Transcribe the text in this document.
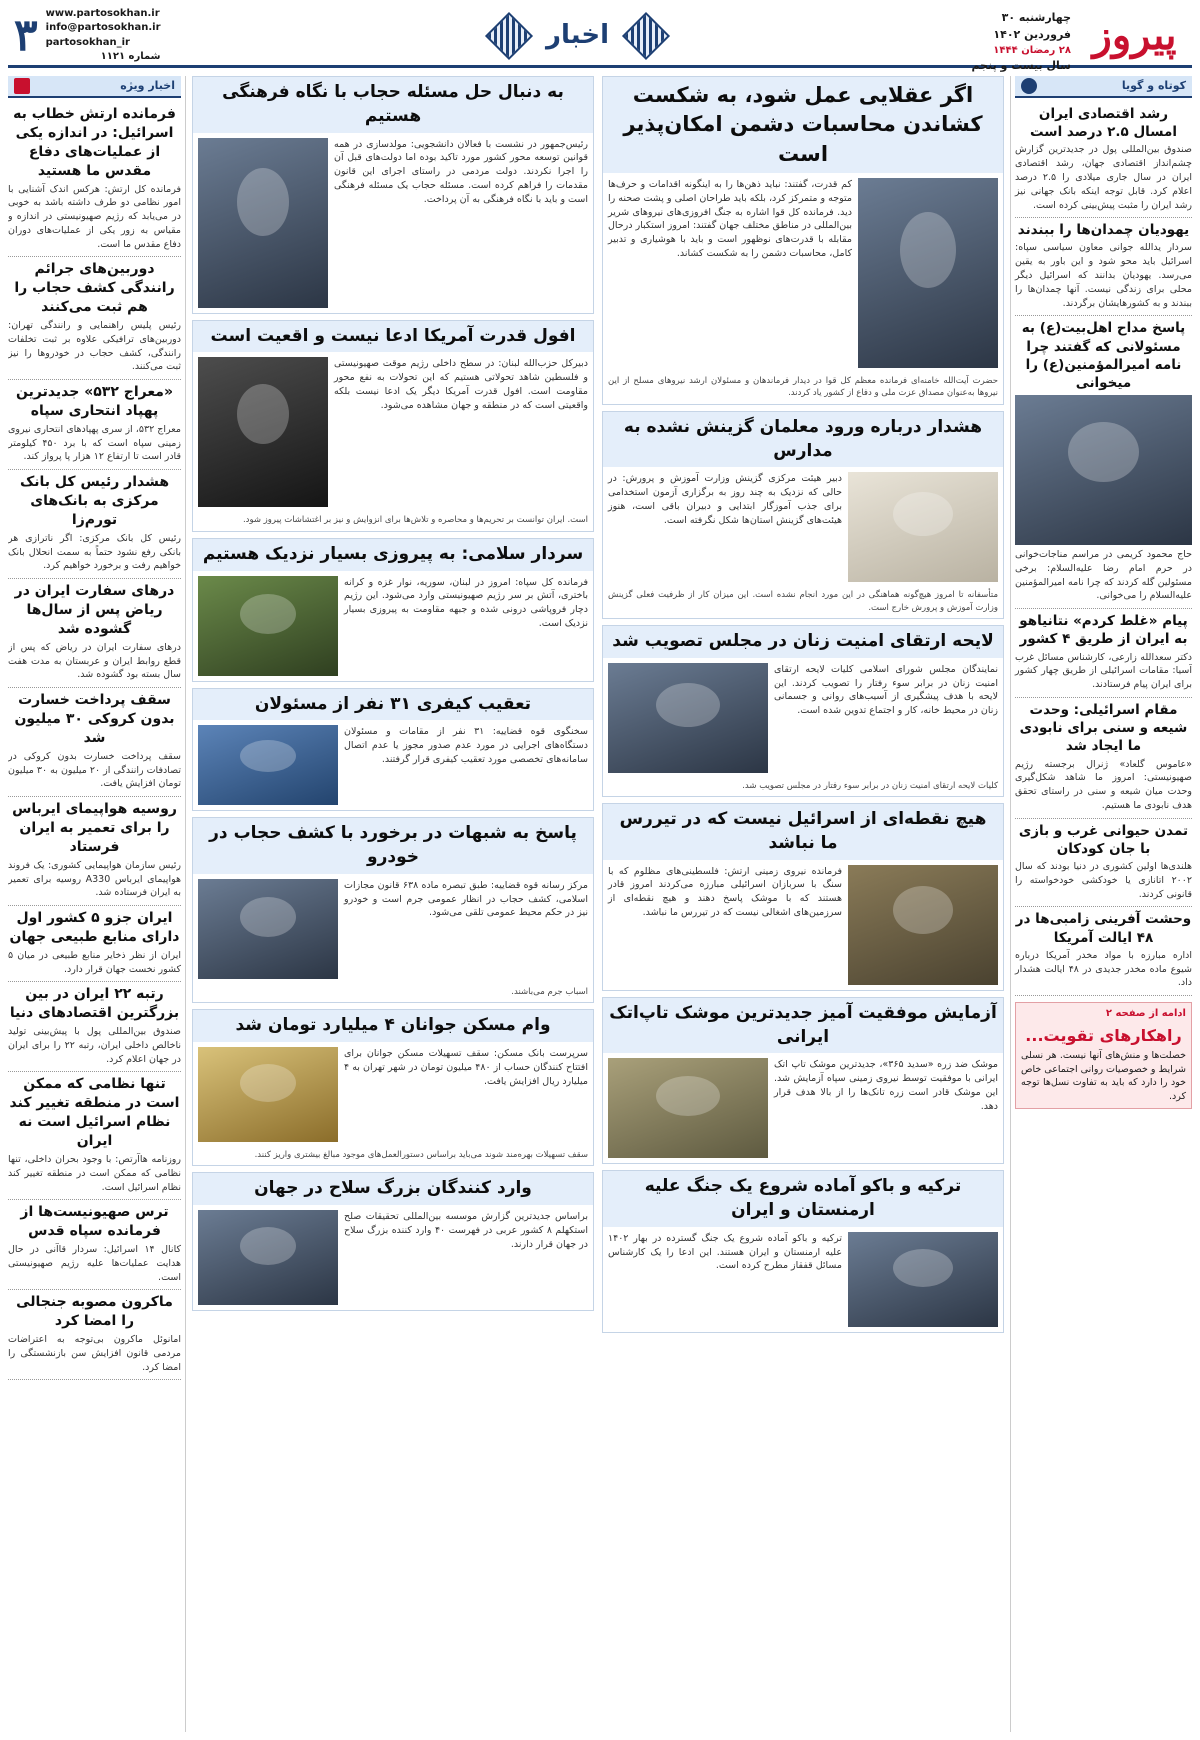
پیروز
چهارشنبه ۳۰ فروردین ۱۴۰۲
۲۸ رمضان ۱۴۴۴
سال بیست و پنجم
اخبار
۳ www.partosokhan.ir
info@partosokhan.ir
partosokhan_ir
شماره ۱۱۲۱
کوتاه و گویا
رشد اقتصادی ایران امسال ۲.۵ درصد است

صندوق بین‌المللی پول در جدیدترین گزارش چشم‌انداز اقتصادی جهان، رشد اقتصادی ایران در سال جاری میلادی را ۲.۵ درصد اعلام کرد. قابل توجه اینکه بانک جهانی نیز رشد ایران را مثبت پیش‌بینی کرده است.

یهودیان چمدان‌ها را ببندند

سردار یدالله جوانی معاون سیاسی سپاه: اسرائیل باید محو شود و این باور به یقین می‌رسد. یهودیان بدانند که اسرائیل دیگر محلی برای زندگی نیست. آنها چمدان‌ها را ببندند و به کشورهایشان برگردند.

پاسخ مداح اهل‌بیت(ع) به مسئولانی که گفتند چرا نامه امیرالمؤمنین(ع) را میخوانی

حاج محمود کریمی در مراسم مناجات‌خوانی در حرم امام رضا علیه‌السلام: برخی مسئولین گله کردند که چرا نامه امیرالمؤمنین علیه‌السلام را می‌خوانی.

پیام «غلط کردم» نتانیاهو به ایران از طریق ۴ کشور

دکتر سعدالله زارعی، کارشناس مسائل غرب آسیا: مقامات اسرائیلی از طریق چهار کشور برای ایران پیام فرستادند.

مقام اسرائیلی: وحدت شیعه و سنی برای نابودی ما ایجاد شد

«عاموس گلعاد» ژنرال برجسته رژیم صهیونیستی: امروز ما شاهد شکل‌گیری وحدت میان شیعه و سنی در راستای تحقق هدف نابودی ما هستیم.

تمدن حیوانی غرب و بازی با جان کودکان

هلندی‌ها اولین کشوری در دنیا بودند که سال ۲۰۰۲ اتانازی یا خودکشی خودخواسته را قانونی کردند.

وحشت آفرینی زامبی‌ها در ۴۸ ایالت آمریکا

اداره مبارزه با مواد مخدر آمریکا درباره شیوع ماده مخدر جدیدی در ۴۸ ایالت هشدار داد.

ادامه از صفحه ۲
راهکارهای تقویت...

خصلت‌ها و منش‌های آنها نیست. هر نسلی شرایط و خصوصیات روانی اجتماعی خاص خود را دارد که باید به تفاوت نسل‌ها توجه کرد.

اگر عقلایی عمل شود، به شکست کشاندن محاسبات دشمن امکان‌پذیر است
کم قدرت، گفتند: نباید ذهن‌ها را به اینگونه اقدامات و حرف‌ها متوجه و متمرکز کرد، بلکه باید طراحان اصلی و پشت صحنه را دید. فرمانده کل قوا اشاره به جنگ افروزی‌های نیروهای شریر بین‌المللی در مناطق مختلف جهان گفتند: امروز استکبار درحال مقابله با قدرت‌های نوظهور است و باید با هوشیاری و تدبیر کامل، محاسبات دشمن را به شکست کشاند.
حضرت آیت‌الله خامنه‌ای فرمانده معظم کل قوا در دیدار فرماندهان و مسئولان ارشد نیروهای مسلح از این نیروها به‌عنوان مصداق عزت ملی و دفاع از کشور یاد کردند.
هشدار درباره ورود معلمان گزینش نشده به مدارس
دبیر هیئت مرکزی گزینش وزارت آموزش و پرورش: در حالی که نزدیک به چند روز به برگزاری آزمون استخدامی برای جذب آموزگار ابتدایی و دبیران باقی است، هنوز هیئت‌های گزینش استان‌ها شکل نگرفته است.
متأسفانه تا امروز هیچ‌گونه هماهنگی در این مورد انجام نشده است. این میزان کار از ظرفیت فعلی گزینش وزارت آموزش و پرورش خارج است.
لایحه ارتقای امنیت زنان در مجلس تصویب شد
نمایندگان مجلس شورای اسلامی کلیات لایحه ارتقای امنیت زنان در برابر سوء رفتار را تصویب کردند. این لایحه با هدف پیشگیری از آسیب‌های روانی و جسمانی زنان در محیط خانه، کار و اجتماع تدوین شده است.
کلیات لایحه ارتقای امنیت زنان در برابر سوء رفتار در مجلس تصویب شد.
هیچ نقطه‌ای از اسرائیل نیست که در تیررس ما نباشد
فرمانده نیروی زمینی ارتش: فلسطینی‌های مظلوم که با سنگ با سربازان اسرائیلی مبارزه می‌کردند امروز قادر هستند که با موشک پاسخ دهند و هیچ نقطه‌ای از سرزمین‌های اشغالی نیست که در تیررس ما نباشد.
آزمایش موفقیت آمیز جدیدترین موشک تاپ‌اتک ایرانی
موشک ضد زره «سدید ۳۶۵»، جدیدترین موشک تاپ اتک ایرانی با موفقیت توسط نیروی زمینی سپاه آزمایش شد. این موشک قادر است زره تانک‌ها را از بالا هدف قرار دهد.
ترکیه و باکو آماده شروع یک جنگ علیه ارمنستان و ایران
ترکیه و باکو آماده شروع یک جنگ گسترده در بهار ۱۴۰۲ علیه ارمنستان و ایران هستند. این ادعا را یک کارشناس مسائل قفقاز مطرح کرده است.
به دنبال حل مسئله حجاب با نگاه فرهنگی هستیم
رئیس‌جمهور در نشست با فعالان دانشجویی: مولدسازی در همه قوانین توسعه محور کشور مورد تاکید بوده اما دولت‌های قبل آن را اجرا نکردند. دولت مردمی در راستای اجرای این قانون مقدمات را فراهم کرده است. مسئله حجاب یک مسئله فرهنگی است و باید با نگاه فرهنگی به آن پرداخت.
افول قدرت آمریکا ادعا نیست و اقعیت است
دبیرکل حزب‌الله لبنان: در سطح داخلی رژیم موقت صهیونیستی و فلسطین شاهد تحولاتی هستیم که این تحولات به نفع محور مقاومت است. افول قدرت آمریکا دیگر یک ادعا نیست بلکه واقعیتی است که در منطقه و جهان مشاهده می‌شود.
است. ایران توانست بر تحریم‌ها و محاصره و تلاش‌ها برای انزوایش و نیز بر اغتشاشات پیروز شود.
سردار سلامی: به پیروزی بسیار نزدیک هستیم
فرمانده کل سپاه: امروز در لبنان، سوریه، نوار غزه و کرانه باختری، آتش بر سر رژیم صهیونیستی وارد می‌شود. این رژیم دچار فروپاشی درونی شده و جبهه مقاومت به پیروزی بسیار نزدیک است.
تعقیب کیفری ۳۱ نفر از مسئولان
سخنگوی قوه قضاییه: ۳۱ نفر از مقامات و مسئولان دستگاه‌های اجرایی در مورد عدم صدور مجوز یا عدم اتصال سامانه‌های تخصصی مورد تعقیب کیفری قرار گرفتند.
پاسخ به شبهات در برخورد با کشف حجاب در خودرو
مرکز رسانه قوه قضاییه: طبق تبصره ماده ۶۳۸ قانون مجازات اسلامی، کشف حجاب در انظار عمومی جرم است و خودرو نیز در حکم محیط عمومی تلقی می‌شود.
اسباب جرم می‌باشند.
وام مسکن جوانان ۴ میلیارد تومان شد
سرپرست بانک مسکن: سقف تسهیلات مسکن جوانان برای افتتاح کنندگان حساب از ۴۸۰ میلیون تومان در شهر تهران به ۴ میلیارد ریال افزایش یافت.
سقف تسهیلات بهره‌مند شوند می‌باید براساس دستورالعمل‌های موجود مبالغ بیشتری واریز کنند.
وارد کنندگان بزرگ سلاح در جهان
براساس جدیدترین گزارش موسسه بین‌المللی تحقیقات صلح استکهلم ۸ کشور عربی در فهرست ۴۰ وارد کننده بزرگ سلاح در جهان قرار دارند.
اخبار ویژه
فرمانده ارتش خطاب به اسرائیل: در اندازه یکی از عملیات‌های دفاع مقدس ما هستید

فرمانده کل ارتش: هرکس اندک آشنایی با امور نظامی دو طرف داشته باشد به خوبی در می‌یابد که رژیم صهیونیستی در اندازه و مقیاس به زور یکی از عملیات‌های دوران دفاع مقدس ما است.

دوربین‌های جرائم رانندگی کشف حجاب را هم ثبت می‌کنند

رئیس پلیس راهنمایی و رانندگی تهران: دوربین‌های ترافیکی علاوه بر ثبت تخلفات رانندگی، کشف حجاب در خودروها را نیز ثبت می‌کنند.

«معراج ۵۳۲» جدیدترین پهپاد انتحاری سپاه

معراج ۵۳۲، از سری پهپادهای انتحاری نیروی زمینی سپاه است که با برد ۴۵۰ کیلومتر قادر است تا ارتفاع ۱۲ هزار پا پرواز کند.

هشدار رئیس کل بانک مرکزی به بانک‌های تورم‌زا

رئیس کل بانک مرکزی: اگر ناترازی هر بانکی رفع نشود حتماً به سمت انحلال بانک خواهیم رفت و برخورد خواهیم کرد.

درهای سفارت ایران در ریاض پس از سال‌ها گشوده شد

درهای سفارت ایران در ریاض که پس از قطع روابط ایران و عربستان به مدت هفت سال بسته بود گشوده شد.

سقف پرداخت خسارت بدون کروکی ۳۰ میلیون شد

سقف پرداخت خسارت بدون کروکی در تصادفات رانندگی از ۲۰ میلیون به ۳۰ میلیون تومان افزایش یافت.

روسیه هواپیمای ایرباس را برای تعمیر به ایران فرستاد

رئیس سازمان هواپیمایی کشوری: یک فروند هواپیمای ایرباس A330 روسیه برای تعمیر به ایران فرستاده شد.

ایران جزو ۵ کشور اول دارای منابع طبیعی جهان

ایران از نظر ذخایر منابع طبیعی در میان ۵ کشور نخست جهان قرار دارد.

رتبه ۲۲ ایران در بین بزرگترین اقتصادهای دنیا

صندوق بین‌المللی پول با پیش‌بینی تولید ناخالص داخلی ایران، رتبه ۲۲ را برای ایران در جهان اعلام کرد.

تنها نظامی که ممکن است در منطقه تغییر کند نظام اسرائیل است نه ایران

روزنامه هاآرتص: با وجود بحران داخلی، تنها نظامی که ممکن است در منطقه تغییر کند نظام اسرائیل است.

ترس صهیونیست‌ها از فرمانده سپاه قدس

کانال ۱۴ اسرائیل: سردار قاآنی در حال هدایت عملیات‌ها علیه رژیم صهیونیستی است.

ماکرون مصوبه جنجالی را امضا کرد

امانوئل ماکرون بی‌توجه به اعتراضات مردمی قانون افزایش سن بازنشستگی را امضا کرد.
